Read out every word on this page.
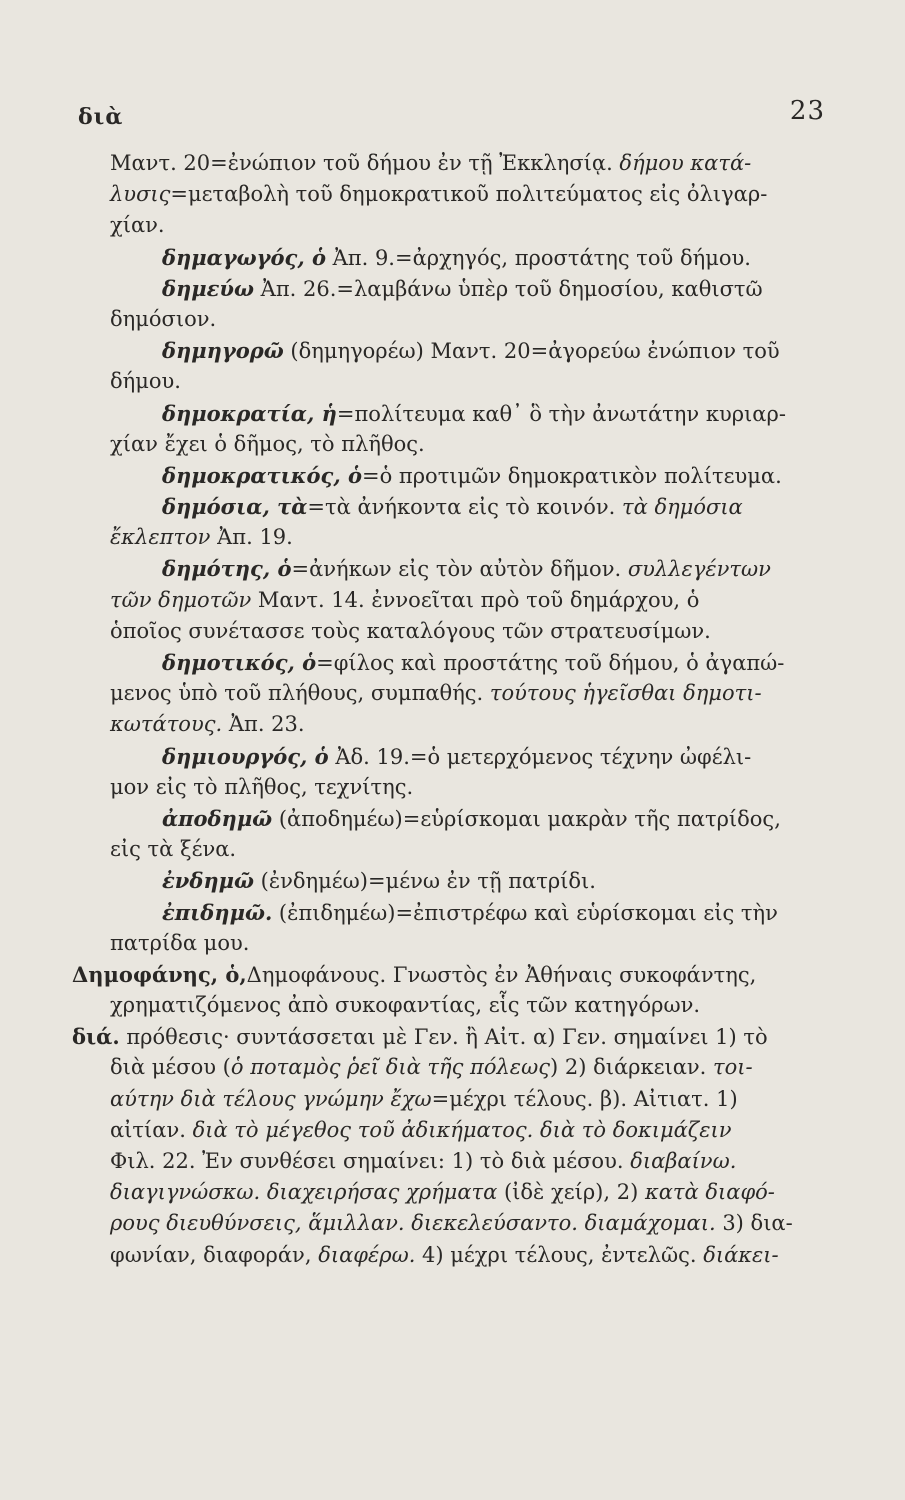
διὰ	23
Μαντ. 20=ἐνώπιον τοῦ δήμου ἐν τῇ Ἐκκλησίᾳ. δήμου κατά-
λυσις=μεταβολὴ τοῦ δημοκρατικοῦ πολιτεύματος εἰς ὀλιγαρ-
χίαν.
δημαγωγός, ὁ Ἀπ. 9.=ἀρχηγός, προστάτης τοῦ δήμου.
δημεύω Ἀπ. 26.=λαμβάνω ὑπὲρ τοῦ δημοσίου, καθιστῶ
δημόσιον.
δημηγορῶ (δημηγορέω) Μαντ. 20=ἀγορεύω ἐνώπιον τοῦ
δήμου.
δημοκρατία, ἡ=πολίτευμα καθ᾿ ὃ τὴν ἀνωτάτην κυριαρ-
χίαν ἔχει ὁ δῆμος, τὸ πλῆθος.
δημοκρατικός, ὁ=ὁ προτιμῶν δημοκρατικὸν πολίτευμα.
δημόσια, τὰ=τὰ ἀνήκοντα εἰς τὸ κοινόν. τὰ δημόσια
ἔκλεπτον Ἀπ. 19.
δημότης, ὁ=ἀνήκων εἰς τὸν αὐτὸν δῆμον. συλλεγέντων
τῶν δημοτῶν Μαντ. 14. ἐννοεῖται πρὸ τοῦ δημάρχου, ὁ
ὁποῖος συνέτασσε τοὺς καταλόγους τῶν στρατευσίμων.
δημοτικός, ὁ=φίλος καὶ προστάτης τοῦ δήμου, ὁ ἀγαπώ-
μενος ὑπὸ τοῦ πλήθους, συμπαθής. τούτους ἡγεῖσθαι δημοτι-
κωτάτους. Ἀπ. 23.
δημιουργός, ὁ Ἀδ. 19.=ὁ μετερχόμενος τέχνην ὠφέλι-
μον εἰς τὸ πλῆθος, τεχνίτης.
ἀποδημῶ (ἀποδημέω)=εὑρίσκομαι μακρὰν τῆς πατρίδος,
εἰς τὰ ξένα.
ἐνδημῶ (ἐνδημέω)=μένω ἐν τῇ πατρίδι.
ἐπιδημῶ. (ἐπιδημέω)=ἐπιστρέφω καὶ εὑρίσκομαι εἰς τὴν
πατρίδα μου.
Δημοφάνης, ὁ,Δημοφάνους. Γνωστὸς ἐν Ἀθήναις συκοφάντης,
χρηματιζόμενος ἀπὸ συκοφαντίας, εἷς τῶν κατηγόρων.
διά. πρόθεσις· συντάσσεται μὲ Γεν. ἢ Αἰτ. α) Γεν. σημαίνει 1) τὸ
διὰ μέσου (ὁ ποταμὸς ῥεῖ διὰ τῆς πόλεως) 2) διάρκειαν. τοι-
αύτην διὰ τέλους γνώμην ἔχω=μέχρι τέλους. β). Αἰτιατ. 1)
αἰτίαν. διὰ τὸ μέγεθος τοῦ ἀδικήματος. διὰ τὸ δοκιμάζειν
Φιλ. 22. Ἐν συνθέσει σημαίνει: 1) τὸ διὰ μέσου. διαβαίνω.
διαγιγνώσκω. διαχειρήσας χρήματα (ἰδὲ χείρ), 2) κατὰ διαφό-
ρους διευθύνσεις, ἅμιλλαν. διεκελεύσαντο. διαμάχομαι. 3) δια-
φωνίαν, διαφοράν, διαφέρω. 4) μέχρι τέλους, ἐντελῶς. διάκει-
